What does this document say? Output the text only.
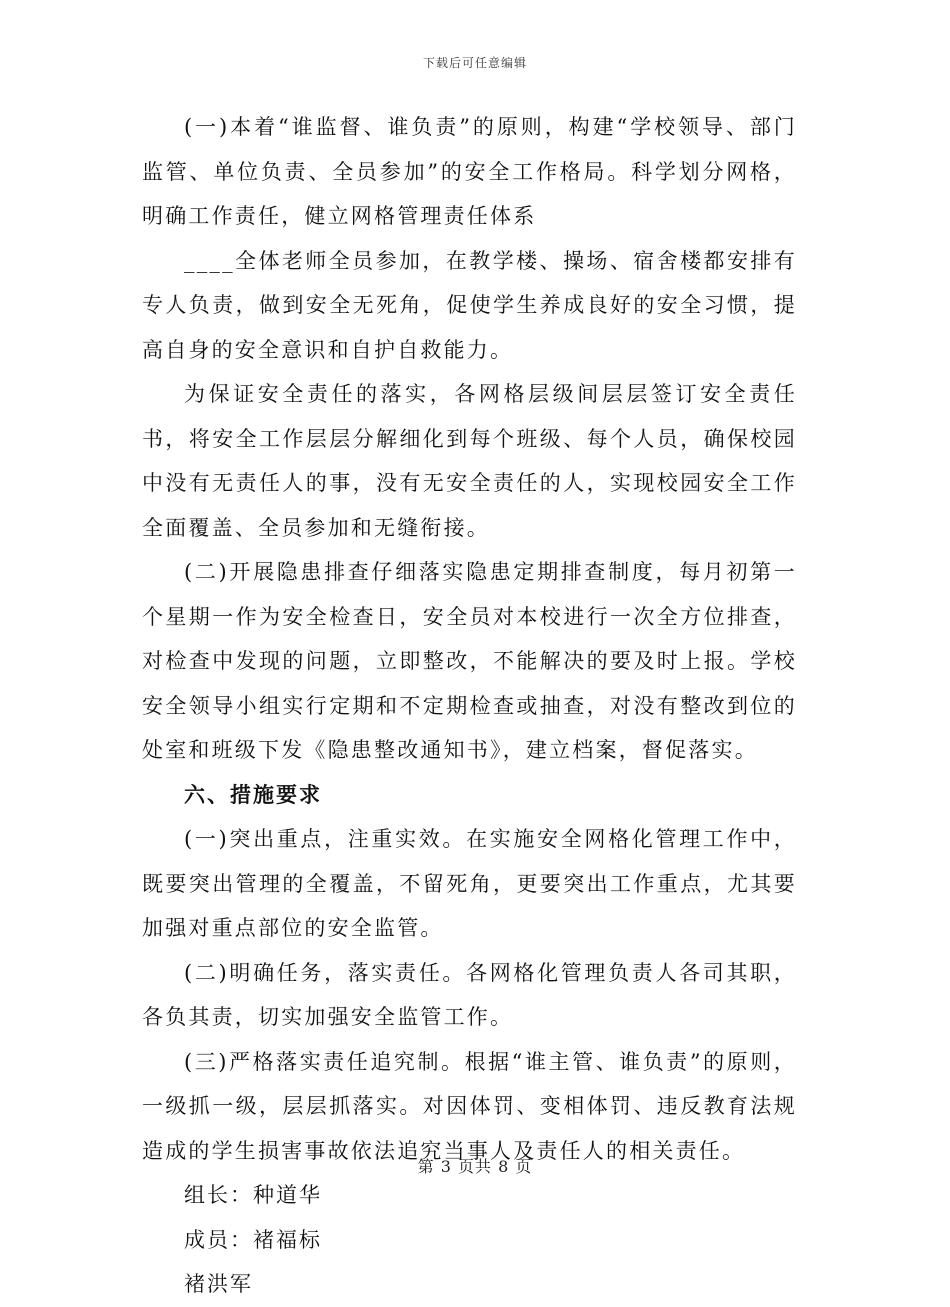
下载后可任意编辑

(一)本着“谁监督、谁负责”的原则，构建“学校领导、部门监管、单位负责、全员参加”的安全工作格局。科学划分网格，明确工作责任，健立网格管理责任体系

____全体老师全员参加，在教学楼、操场、宿舍楼都安排有专人负责，做到安全无死角，促使学生养成良好的安全习惯，提高自身的安全意识和自护自救能力。

为保证安全责任的落实，各网格层级间层层签订安全责任书，将安全工作层层分解细化到每个班级、每个人员，确保校园中没有无责任人的事，没有无安全责任的人，实现校园安全工作全面覆盖、全员参加和无缝衔接。

(二)开展隐患排查仔细落实隐患定期排查制度，每月初第一个星期一作为安全检查日，安全员对本校进行一次全方位排查，对检查中发现的问题，立即整改，不能解决的要及时上报。学校安全领导小组实行定期和不定期检查或抽查，对没有整改到位的处室和班级下发《隐患整改通知书》，建立档案，督促落实。

六、措施要求

(一)突出重点，注重实效。在实施安全网格化管理工作中，既要突出管理的全覆盖，不留死角，更要突出工作重点，尤其要加强对重点部位的安全监管。

(二)明确任务，落实责任。各网格化管理负责人各司其职，各负其责，切实加强安全监管工作。

(三)严格落实责任追究制。根据“谁主管、谁负责”的原则，一级抓一级，层层抓落实。对因体罚、变相体罚、违反教育法规造成的学生损害事故依法追究当事人及责任人的相关责任。

组长：种道华

成员：褚福标

褚洪军

第 3 页共 8 页
